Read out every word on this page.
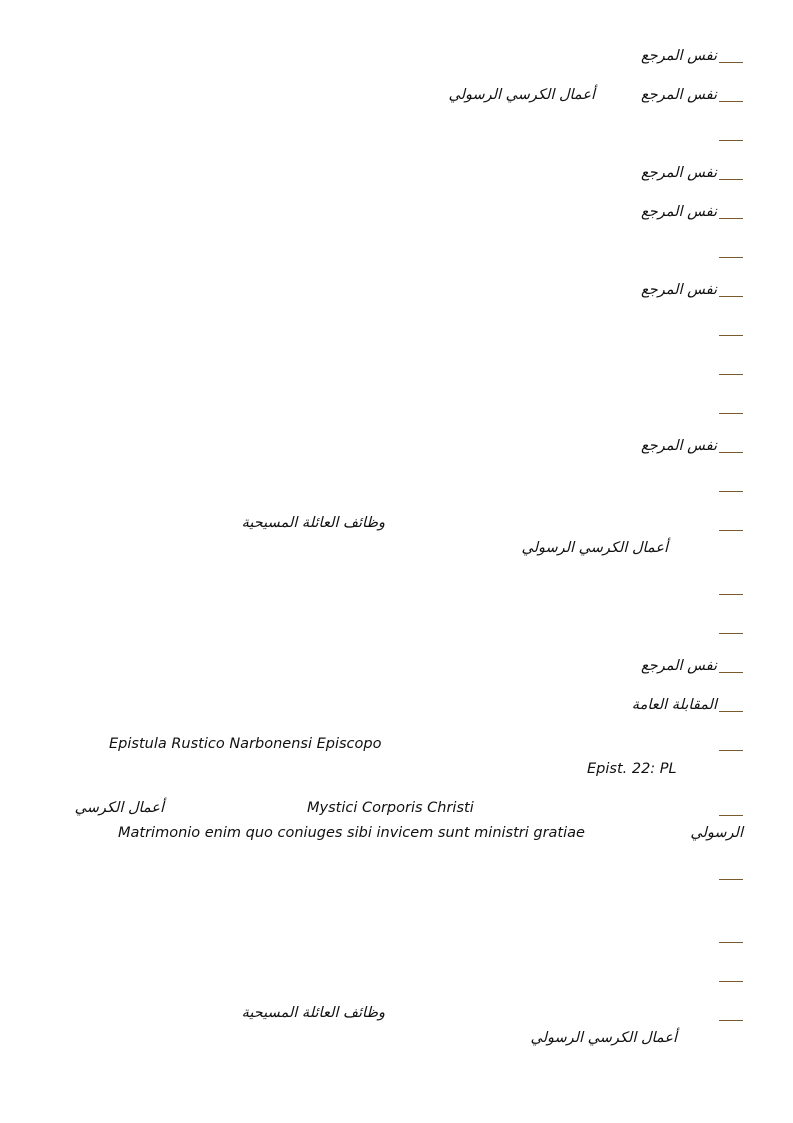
نفس المرجع
نفس المرجع
أعمال الكرسي الرسولي
نفس المرجع
نفس المرجع
نفس المرجع
نفس المرجع
وظائف العائلة المسيحية
أعمال الكرسي الرسولي
نفس المرجع
المقابلة العامة
Epistula Rustico Narbonensi Episcopo
Epist. 22: PL
أعمال الكرسي	Mystici Corporis Christi
الرسولي
Matrimonio enim quo coniuges sibi invicem sunt ministri gratiae
وظائف العائلة المسيحية
أعمال الكرسي الرسولي
